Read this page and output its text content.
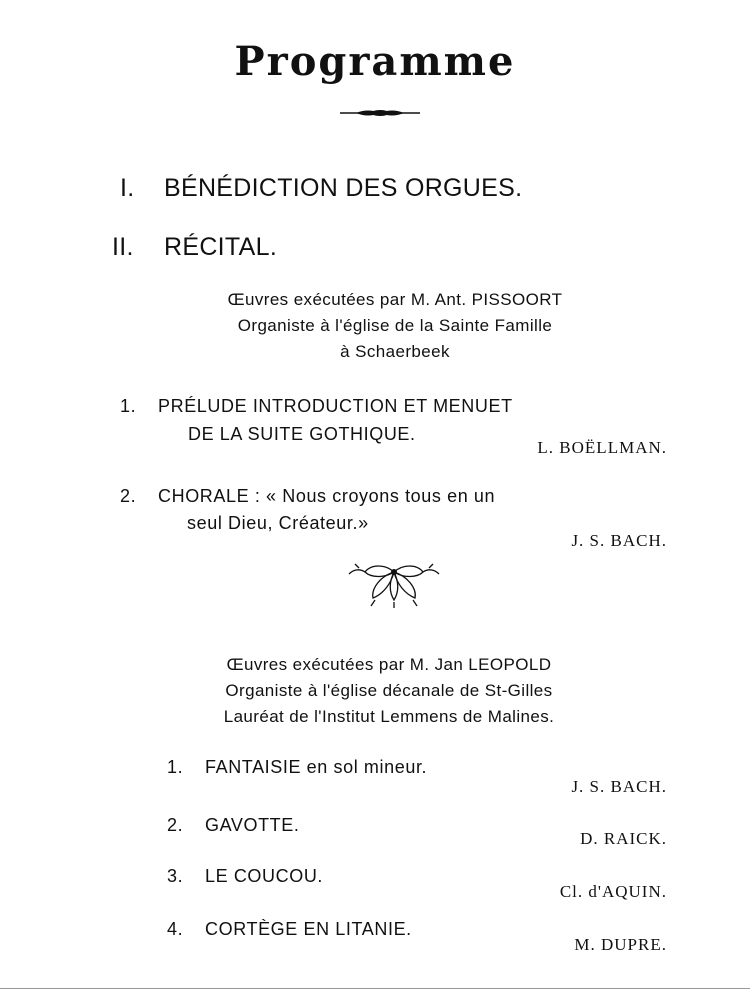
Programme
I. BÉNÉDICTION DES ORGUES.
II. RÉCITAL.
Œuvres exécutées par M. Ant. PISSOORT
Organiste à l'église de la Sainte Famille
à Schaerbeek
1. PRÉLUDE INTRODUCTION ET MENUET
DE LA SUITE GOTHIQUE.
L. BOËLLMAN.
2. CHORALE : « Nous croyons tous en un
seul Dieu, Créateur.»
J. S. BACH.
Œuvres exécutées par M. Jan LEOPOLD
Organiste à l'église décanale de St-Gilles
Lauréat de l'Institut Lemmens de Malines.
1. FANTAISIE en sol mineur.
J. S. BACH.
2. GAVOTTE.
D. RAICK.
3. LE COUCOU.
Cl. d'AQUIN.
4. CORTÈGE EN LITANIE.
M. DUPRE.
